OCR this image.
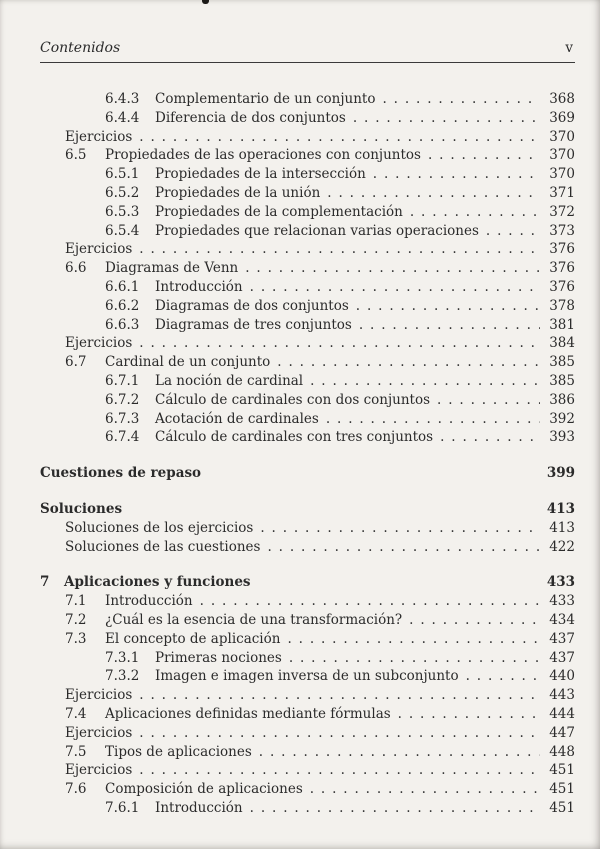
Contenidos	v
6.4.3	Complementario de un conjunto . . .	368
6.4.4	Diferencia de dos conjuntos . . .	369
Ejercicios . . .	370
6.5	Propiedades de las operaciones con conjuntos . . .	370
6.5.1	Propiedades de la intersección . . .	370
6.5.2	Propiedades de la unión . . .	371
6.5.3	Propiedades de la complementación . . .	372
6.5.4	Propiedades que relacionan varias operaciones . . .	373
Ejercicios . . .	376
6.6	Diagramas de Venn . . .	376
6.6.1	Introducción . . .	376
6.6.2	Diagramas de dos conjuntos . . .	378
6.6.3	Diagramas de tres conjuntos . . .	381
Ejercicios . . .	384
6.7	Cardinal de un conjunto . . .	385
6.7.1	La noción de cardinal . . .	385
6.7.2	Cálculo de cardinales con dos conjuntos . . .	386
6.7.3	Acotación de cardinales . . .	392
6.7.4	Cálculo de cardinales con tres conjuntos . . .	393
Cuestiones de repaso	399
Soluciones	413
Soluciones de los ejercicios . . .	413
Soluciones de las cuestiones . . .	422
7	Aplicaciones y funciones	433
7.1	Introducción . . .	433
7.2	¿Cuál es la esencia de una transformación? . . .	434
7.3	El concepto de aplicación . . .	437
7.3.1	Primeras nociones . . .	437
7.3.2	Imagen e imagen inversa de un subconjunto . . .	440
Ejercicios . . .	443
7.4	Aplicaciones definidas mediante fórmulas . . .	444
Ejercicios . . .	447
7.5	Tipos de aplicaciones . . .	448
Ejercicios . . .	451
7.6	Composición de aplicaciones . . .	451
7.6.1	Introducción . . .	451
